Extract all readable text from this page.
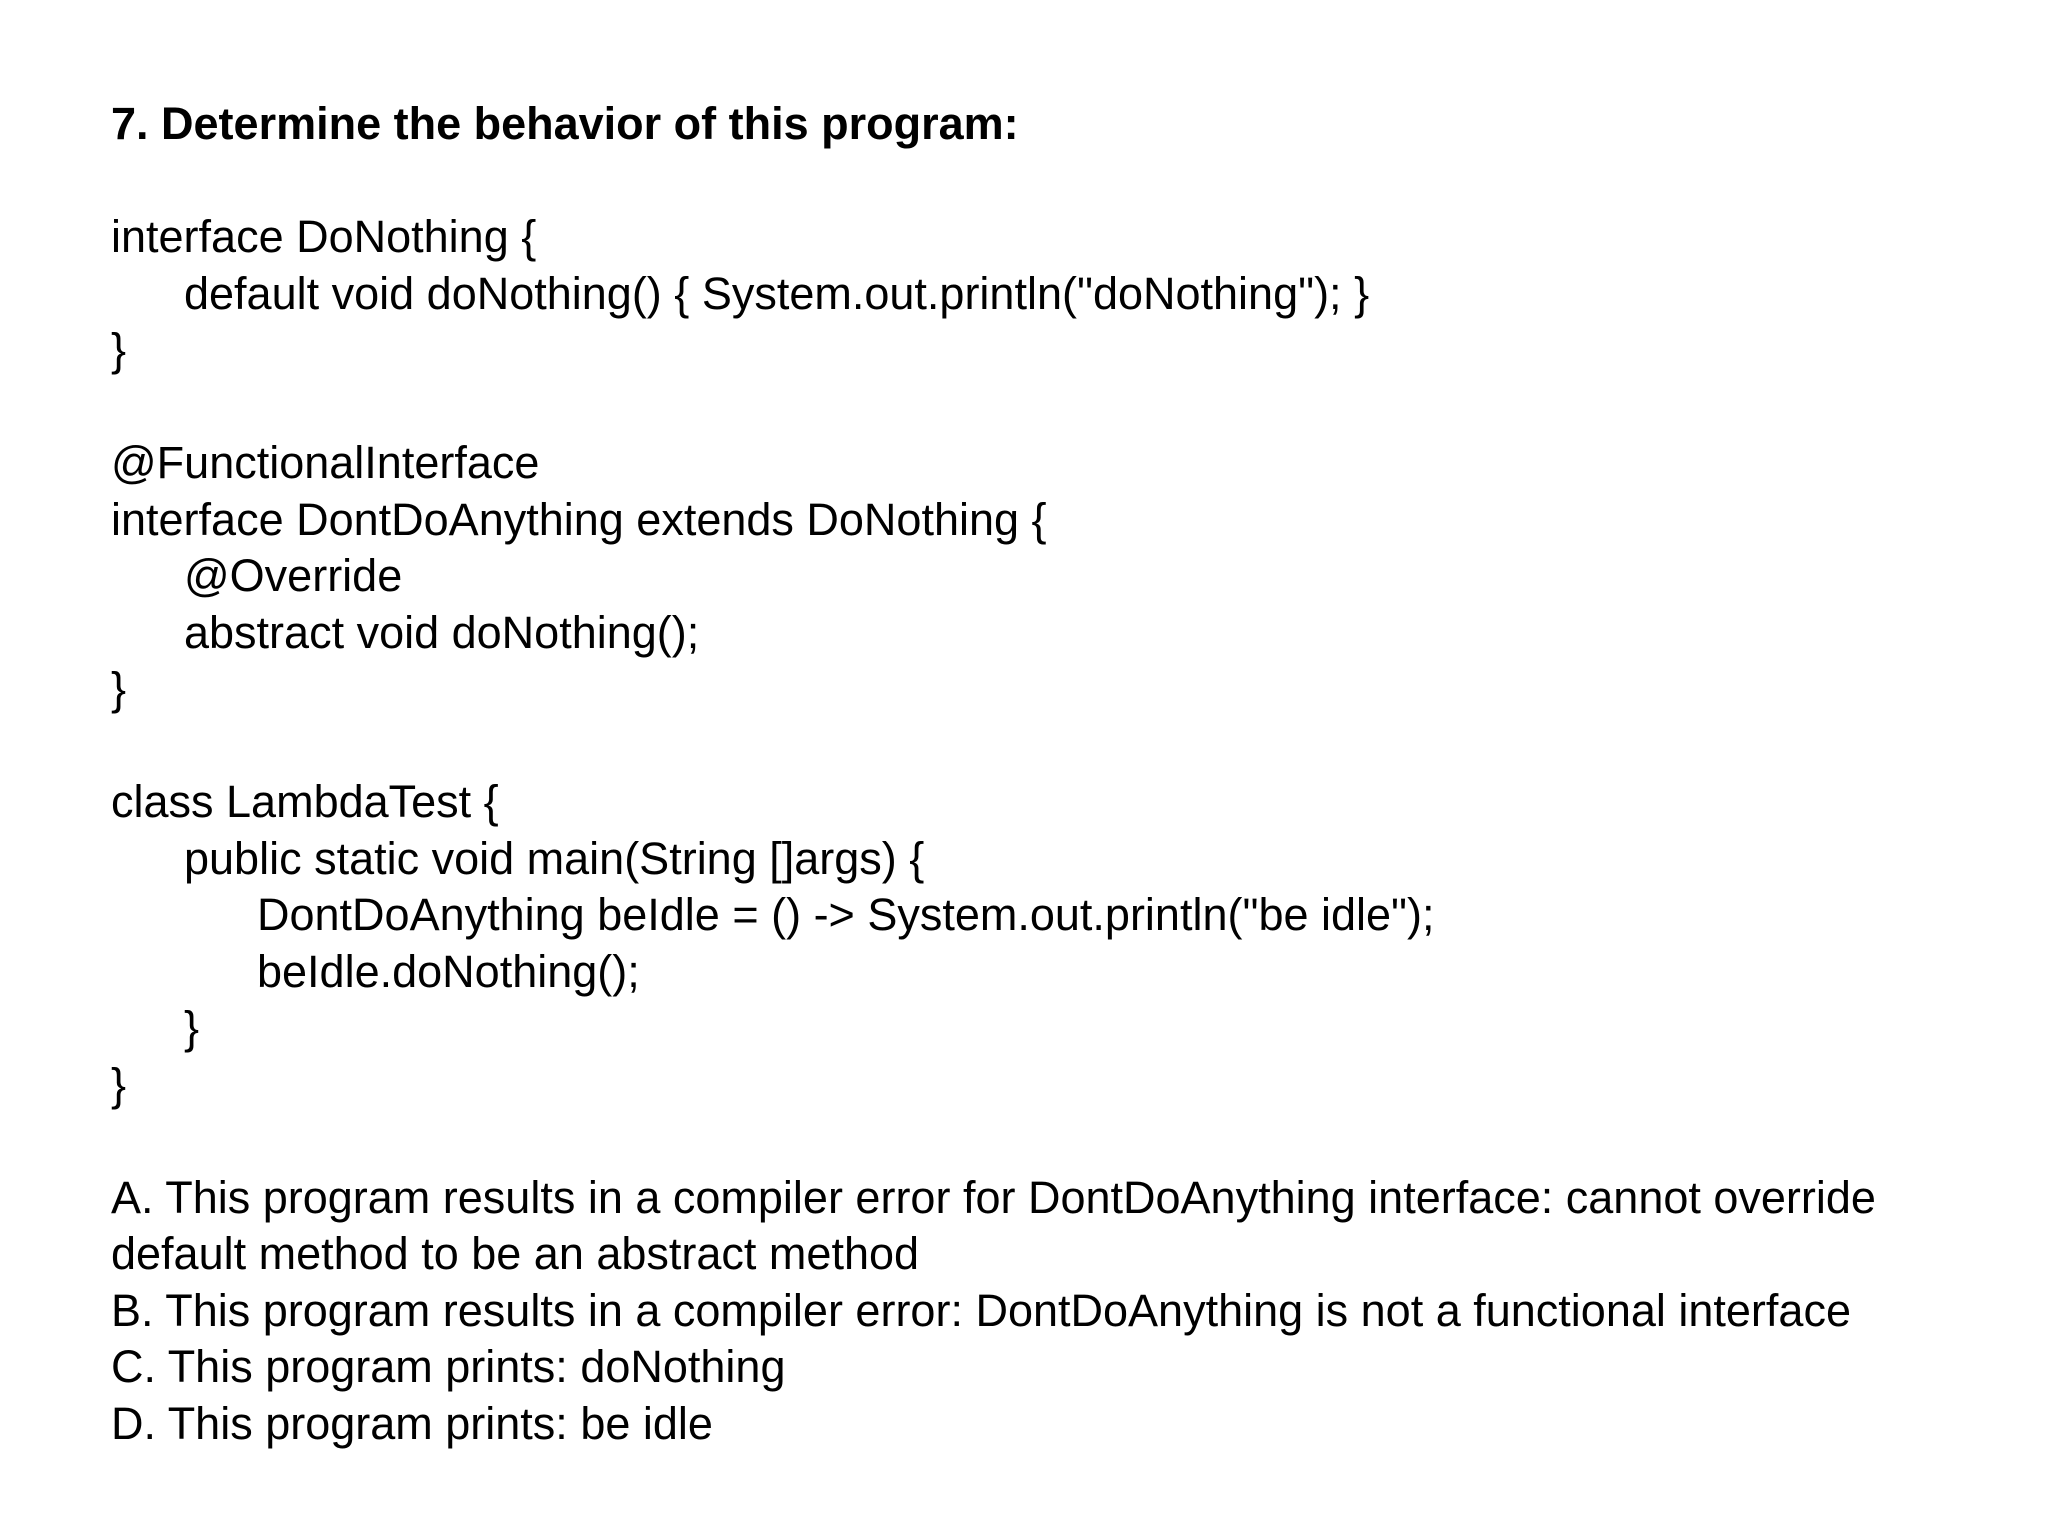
7. Determine the behavior of this program:
interface DoNothing {
default void doNothing() { System.out.println("doNothing"); }
}
@FunctionalInterface
interface DontDoAnything extends DoNothing {
@Override
abstract void doNothing();
}
class LambdaTest {
public static void main(String []args) {
DontDoAnything beIdle = () -> System.out.println("be idle");
beIdle.doNothing();
}
}
A. This program results in a compiler error for DontDoAnything interface: cannot override
default method to be an abstract method
B. This program results in a compiler error: DontDoAnything is not a functional interface
C. This program prints: doNothing
D. This program prints: be idle
